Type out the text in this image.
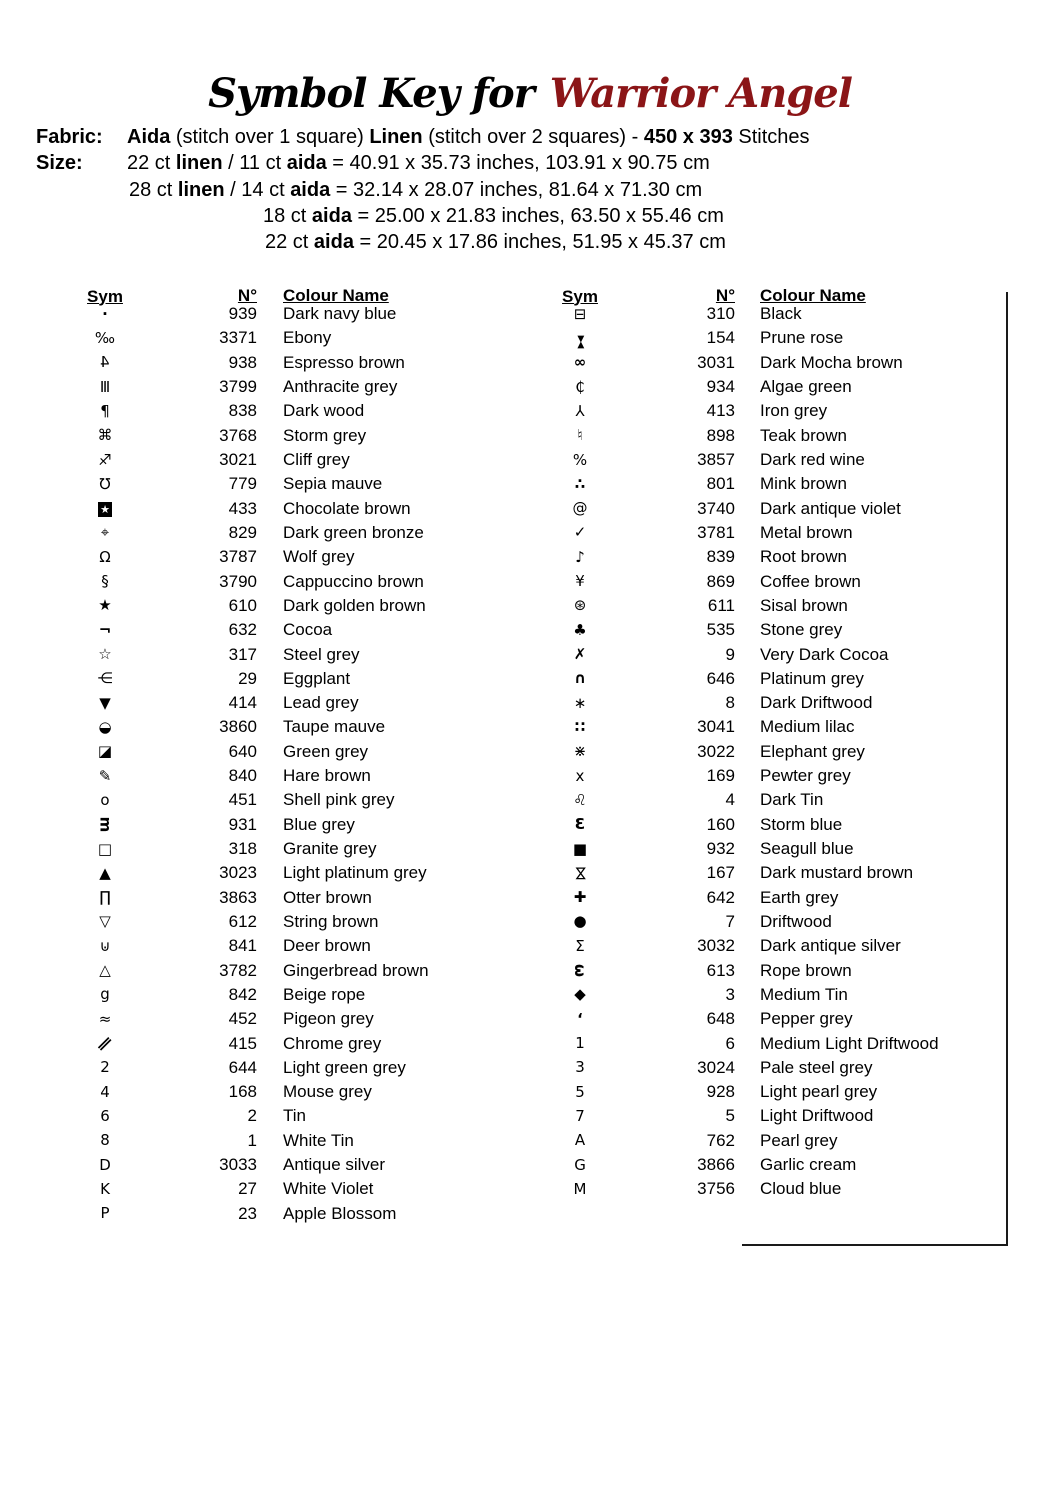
Symbol Key for Warrior Angel
Fabric: Aida (stitch over 1 square) Linen (stitch over 2 squares) - 450 x 393 Stitches
Size: 22 ct linen / 11 ct aida = 40.91 x 35.73 inches, 103.91 x 90.75 cm
28 ct linen / 14 ct aida = 32.14 x 28.07 inches, 81.64 x 71.30 cm
18 ct aida = 25.00 x 21.83 inches, 63.50 x 55.46 cm
22 ct aida = 20.45 x 17.86 inches, 51.95 x 45.37 cm
Sym	N°	Colour Name
·	939	Dark navy blue
‰	3371	Ebony
4	938	Espresso brown
Ⅲ	3799	Anthracite grey
¶	838	Dark wood
⌘	3768	Storm grey
♐	3021	Cliff grey
℧	779	Sepia mauve
★	433	Chocolate brown
⌖	829	Dark green bronze
Ω	3787	Wolf grey
§	3790	Cappuccino brown
★	610	Dark golden brown
¬	632	Cocoa
☆	317	Steel grey
⋲	29	Eggplant
▼	414	Lead grey
◒	3860	Taupe mauve
◪	640	Green grey
✎	840	Hare brown
o	451	Shell pink grey
m	931	Blue grey
□	318	Granite grey
▲	3023	Light platinum grey
∏	3863	Otter brown
▽	612	String brown
⊍	841	Deer brown
△	3782	Gingerbread brown
g	842	Beige rope
≈	452	Pigeon grey
∥	415	Chrome grey
2	644	Light green grey
4	168	Mouse grey
6	2	Tin
8	1	White Tin
D	3033	Antique silver
K	27	White Violet
P	23	Apple Blossom
Sym	N°	Colour Name
⊟	310	Black
▶◀	154	Prune rose
∞	3031	Dark Mocha brown
₵	934	Algae green
⅄	413	Iron grey
♮	898	Teak brown
%	3857	Dark red wine
∴	801	Mink brown
@	3740	Dark antique violet
✓	3781	Metal brown
♪	839	Root brown
¥	869	Coffee brown
⊛	611	Sisal brown
♣	535	Stone grey
✗	9	Very Dark Cocoa
∩	646	Platinum grey
∗	8	Dark Driftwood
∷	3041	Medium lilac
⋇	3022	Elephant grey
x	169	Pewter grey
♌	4	Dark Tin
Ɛ	160	Storm blue
■	932	Seagull blue
⋈	167	Dark mustard brown
✚	642	Earth grey
●	7	Driftwood
Σ	3032	Dark antique silver
ω	613	Rope brown
◆	3	Medium Tin
‘	648	Pepper grey
1	6	Medium Light Driftwood
3	3024	Pale steel grey
5	928	Light pearl grey
7	5	Light Driftwood
A	762	Pearl grey
G	3866	Garlic cream
M	3756	Cloud blue
